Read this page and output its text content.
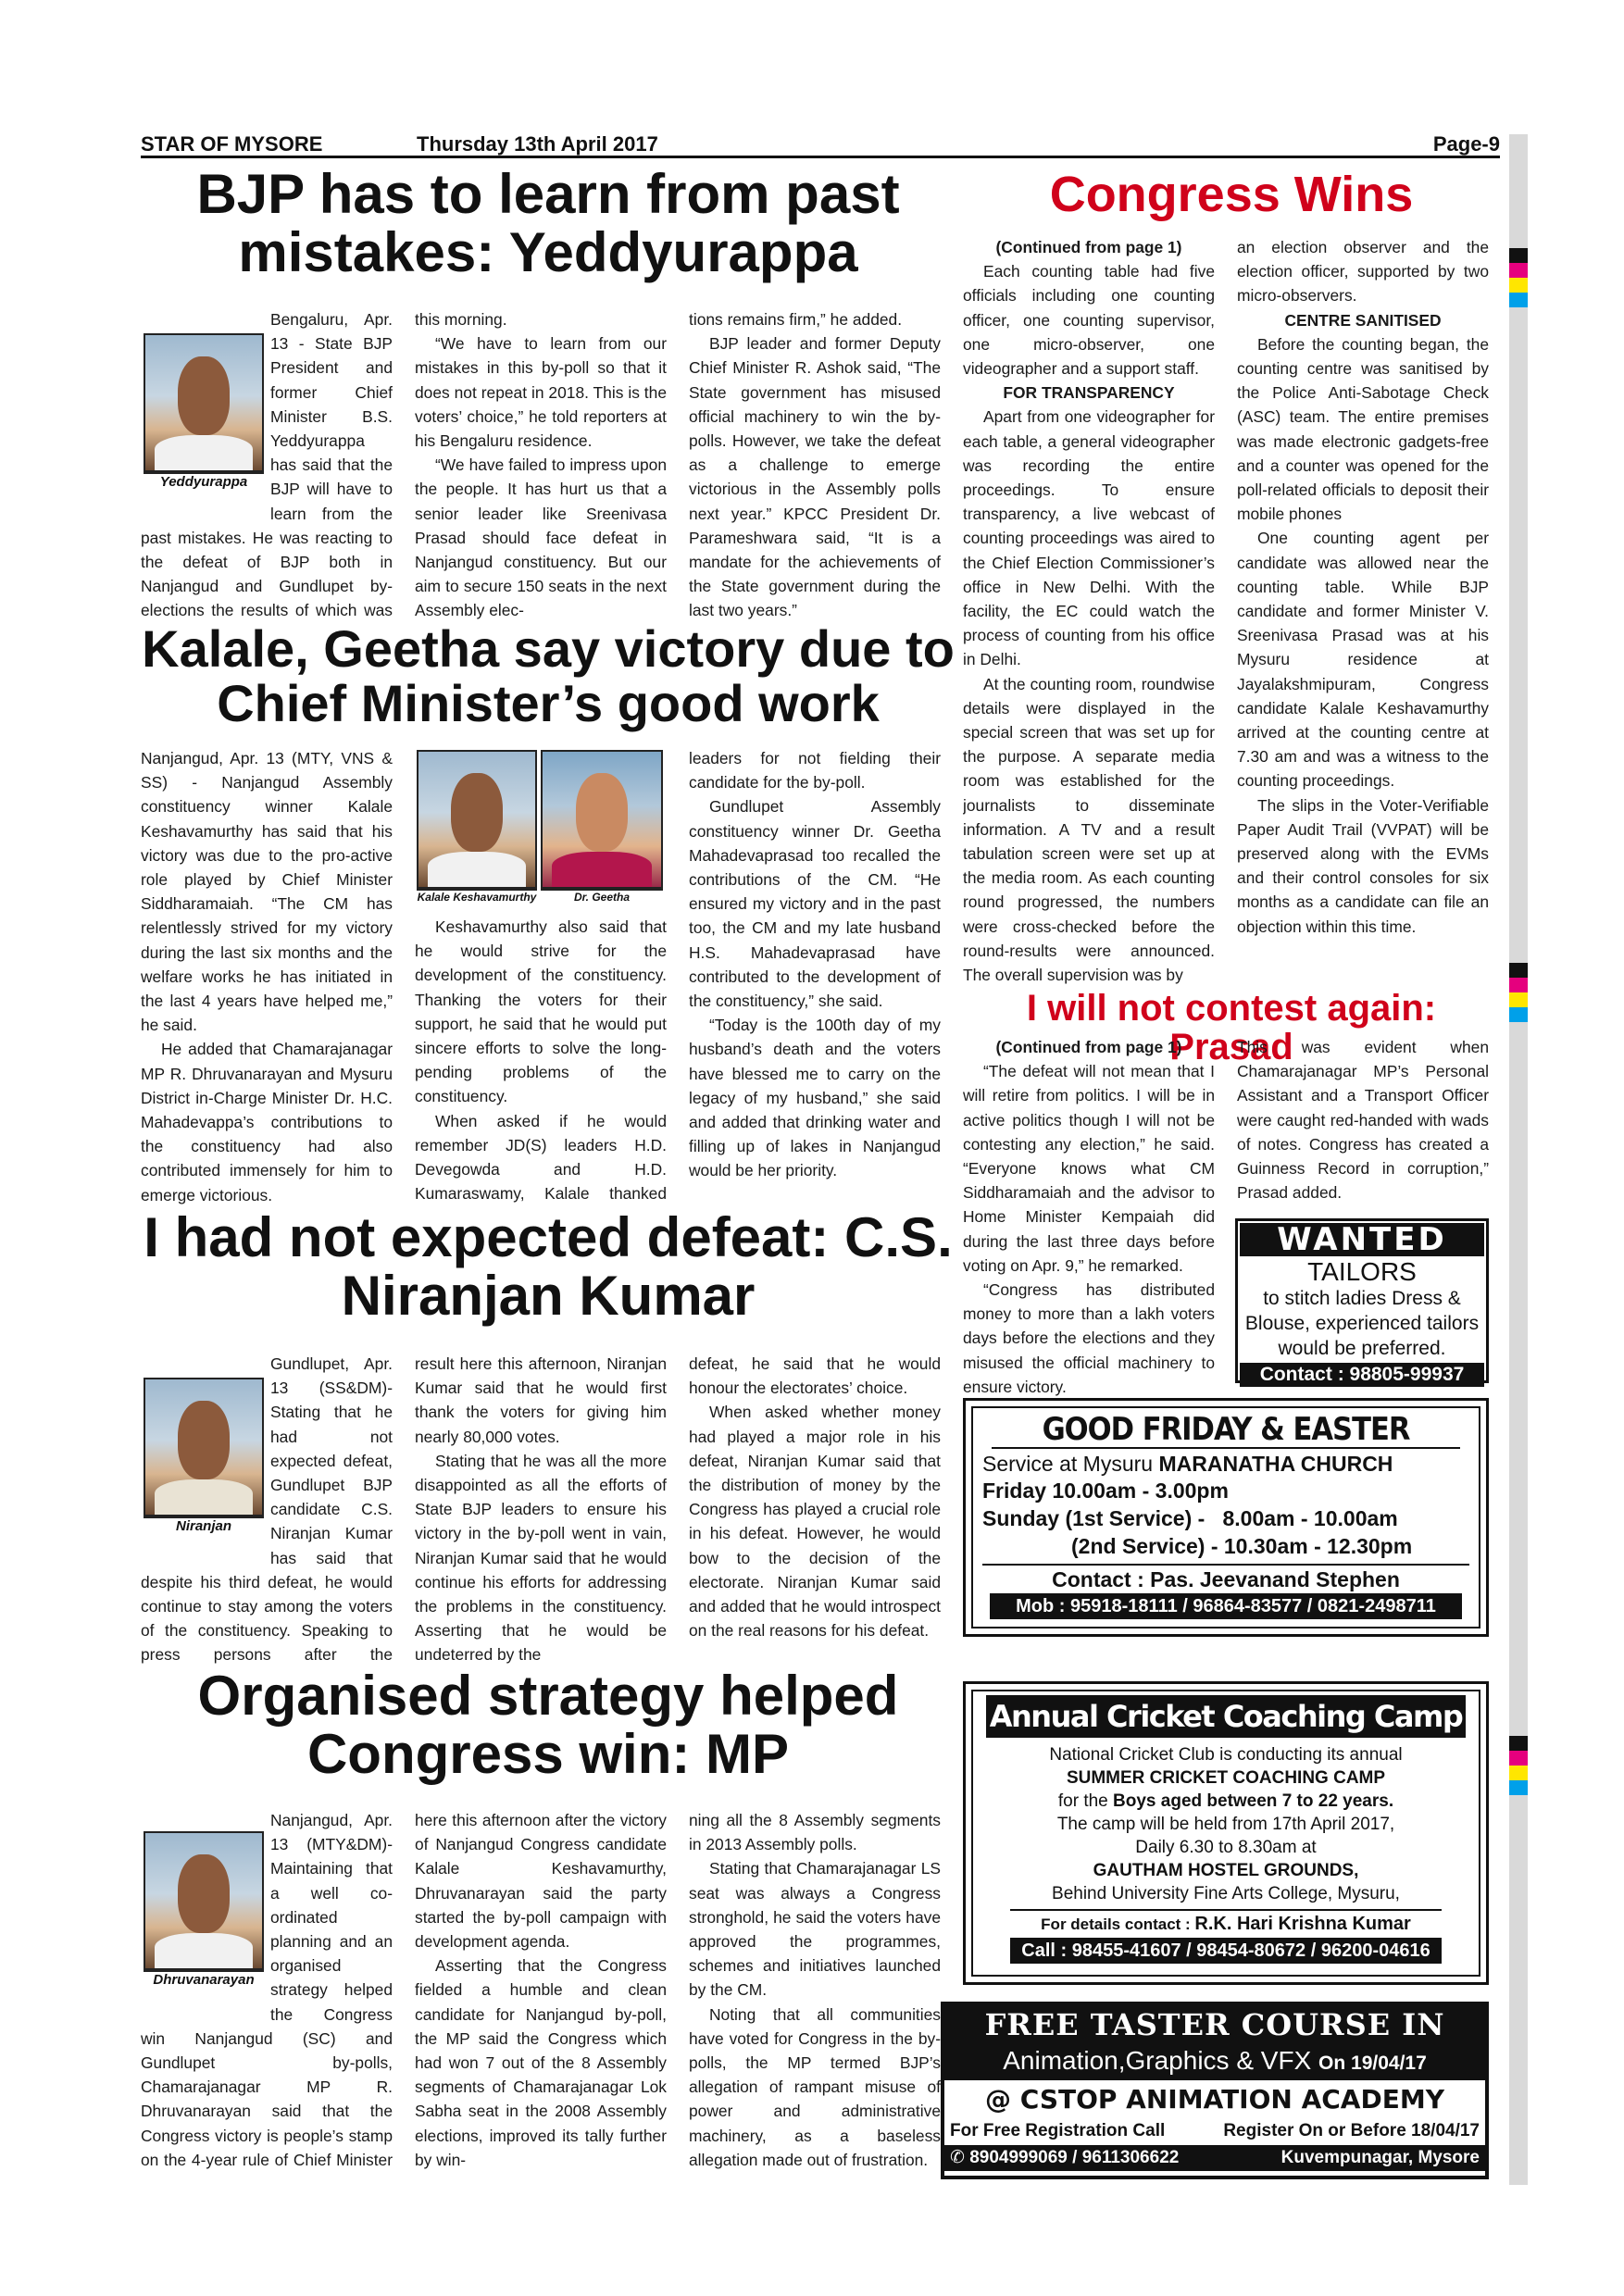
STAR OF MYSORE	Thursday 13th April 2017	Page-9
BJP has to learn from past mistakes: Yeddyurappa
Yeddyurappa

Bengaluru, Apr. 13 - State BJP President and former Chief Minister B.S. Yeddyurappa has said that the BJP will have to learn from the past mistakes. He was reacting to the defeat of BJP both in Nanjangud and Gundlupet by-elections the results of which was

this morning.

“We have to learn from our mistakes in this by-poll so that it does not repeat in 2018. This is the voters’ choice,” he told reporters at his Bengaluru residence.

“We have failed to impress upon the people. It has hurt us that a senior leader like Sreenivasa Prasad should face defeat in Nanjangud constituency. But our aim to secure 150 seats in the next Assembly elec-

tions remains firm,” he added.

BJP leader and former Deputy Chief Minister R. Ashok said, “The State government has misused official machinery to win the by-polls. However, we take the defeat as a challenge to emerge victorious in the Assembly polls next year.” KPCC President Dr. Parameshwara said, “It is a mandate for the achievements of the State government during the last two years.”

Kalale, Geetha say victory due to Chief Minister’s good work

Nanjangud, Apr. 13 (MTY, VNS & SS) - Nanjangud Assembly constituency winner Kalale Keshavamurthy has said that his victory was due to the pro-active role played by Chief Minister Siddharamaiah. “The CM has relentlessly strived for my victory during the last six months and the welfare works he has initiated in the last 4 years have helped me,” he said.

He added that Chamarajanagar MP R. Dhruvanarayan and Mysuru District in-Charge Minister Dr. H.C. Mahadevappa’s contributions to the constituency had also contributed immensely for him to emerge victorious.

Kalale Keshavamurthy	Dr. Geetha

Keshavamurthy also said that he would strive for the development of the constituency. Thanking the voters for their support, he said that he would put sincere efforts to solve the long-pending problems of the constituency.

When asked if he would remember JD(S) leaders H.D. Devegowda and H.D. Kumaraswamy, Kalale thanked

leaders for not fielding their candidate for the by-poll.

Gundlupet Assembly constituency winner Dr. Geetha Mahadevaprasad too recalled the contributions of the CM. “He ensured my victory and in the past too, the CM and my late husband H.S. Mahadevaprasad have contributed to the development of the constituency,” she said.

“Today is the 100th day of my husband’s death and the voters have blessed me to carry on the legacy of my husband,” she said and added that drinking water and filling up of lakes in Nanjangud would be her priority.

I had not expected defeat: C.S. Niranjan Kumar
Niranjan

Gundlupet, Apr. 13 (SS&DM)- Stating that he had not expected defeat, Gundlupet BJP candidate C.S. Niranjan Kumar has said that despite his third defeat, he would continue to stay among the voters of the constituency. Speaking to press persons after the

result here this afternoon, Niranjan Kumar said that he would first thank the voters for giving him nearly 80,000 votes.

Stating that he was all the more disappointed as all the efforts of State BJP leaders to ensure his victory in the by-poll went in vain, Niranjan Kumar said that he would continue his efforts for addressing the problems in the constituency. Asserting that he would be undeterred by the

defeat, he said that he would honour the electorates’ choice.

When asked whether money had played a major role in his defeat, Niranjan Kumar said that the distribution of money by the Congress has played a crucial role in his defeat. However, he would bow to the decision of the electorate. Niranjan Kumar said and added that he would introspect on the real reasons for his defeat.

Organised strategy helped Congress win: MP
Dhruvanarayan

Nanjangud, Apr. 13 (MTY&DM)- Maintaining that a well co-ordinated planning and an organised strategy helped the Congress win Nanjangud (SC) and Gundlupet by-polls, Chamarajanagar MP R. Dhruvanarayan said that the Congress victory is people’s stamp on the 4-year rule of Chief Minister

here this afternoon after the victory of Nanjangud Congress candidate Kalale Keshavamurthy, Dhruvanarayan said the party started the by-poll campaign with development agenda.

Asserting that the Congress fielded a humble and clean candidate for Nanjangud by-poll, the MP said the Congress which had won 7 out of the 8 Assembly segments of Chamarajanagar Lok Sabha seat in the 2008 Assembly elections, improved its tally further by win-

ning all the 8 Assembly segments in 2013 Assembly polls.

Stating that Chamarajanagar LS seat was always a Congress stronghold, he said the voters have approved the programmes, schemes and initiatives launched by the CM.

Noting that all communities have voted for Congress in the by-polls, the MP termed BJP’s allegation of rampant misuse of power and administrative machinery, as a baseless allegation made out of frustration.

Congress Wins

(Continued from page 1)

Each counting table had five officials including one counting officer, one counting supervisor, one micro-observer, one videographer and a support staff.

FOR TRANSPARENCY

Apart from one videographer for each table, a general videographer was recording the entire proceedings. To ensure transparency, a live webcast of counting proceedings was aired to the Chief Election Commissioner’s office in New Delhi. With the facility, the EC could watch the process of counting from his office in Delhi.

At the counting room, roundwise details were displayed in the special screen that was set up for the purpose. A separate media room was established for the journalists to disseminate information. A TV and a result tabulation screen were set up at the media room. As each counting round progressed, the numbers were cross-checked before the round-results were announced. The overall supervision was by

an election observer and the election officer, supported by two micro-observers.

CENTRE SANITISED

Before the counting began, the counting centre was sanitised by the Police Anti-Sabotage Check (ASC) team. The entire premises was made electronic gadgets-free and a counter was opened for the poll-related officials to deposit their mobile phones

One counting agent per candidate was allowed near the counting table. While BJP candidate and former Minister V. Sreenivasa Prasad was at his Mysuru residence at Jayalakshmipuram, Congress candidate Kalale Keshavamurthy arrived at the counting centre at 7.30 am and was a witness to the counting proceedings.

The slips in the Voter-Verifiable Paper Audit Trail (VVPAT) will be preserved along with the EVMs and their control consoles for six months as a candidate can file an objection within this time.

I will not contest again: Prasad

(Continued from page 1)

“The defeat will not mean that I will retire from politics. I will be in active politics though I will not be contesting any election,” he said. “Everyone knows what CM Siddharamaiah and the advisor to Home Minister Kempaiah did during the last three days before voting on Apr. 9,” he remarked.

“Congress has distributed money to more than a lakh voters days before the elections and they misused the official machinery to ensure victory.

This was evident when Chamarajanagar MP’s Personal Assistant and a Transport Officer were caught red-handed with wads of notes. Congress has created a Guinness Record in corruption,” Prasad added.

WANTED
TAILORS
to stitch ladies Dress & Blouse, experienced tailors would be preferred.
Contact : 98805-99937
GOOD FRIDAY & EASTER
Service at Mysuru MARANATHA CHURCH
Friday 10.00am - 3.00pm
Sunday (1st Service) -   8.00am - 10.00am
(2nd Service) - 10.30am - 12.30pm
Contact : Pas. Jeevanand Stephen
Mob : 95918-18111 / 96864-83577 / 0821-2498711
Annual Cricket Coaching Camp
National Cricket Club is conducting its annual
SUMMER CRICKET COACHING CAMP
for the Boys aged between 7 to 22 years.
The camp will be held from 17th April 2017,
Daily 6.30 to 8.30am at
GAUTHAM HOSTEL GROUNDS,
Behind University Fine Arts College, Mysuru,
For details contact : R.K. Hari Krishna Kumar
Call : 98455-41607 / 98454-80672 / 96200-04616
FREE TASTER COURSE IN
Animation,Graphics & VFX On 19/04/17
@ CSTOP ANIMATION ACADEMY
For Free Registration Call	Register On or Before 18/04/17
✆ 8904999069 / 9611306622	Kuvempunagar, Mysore
